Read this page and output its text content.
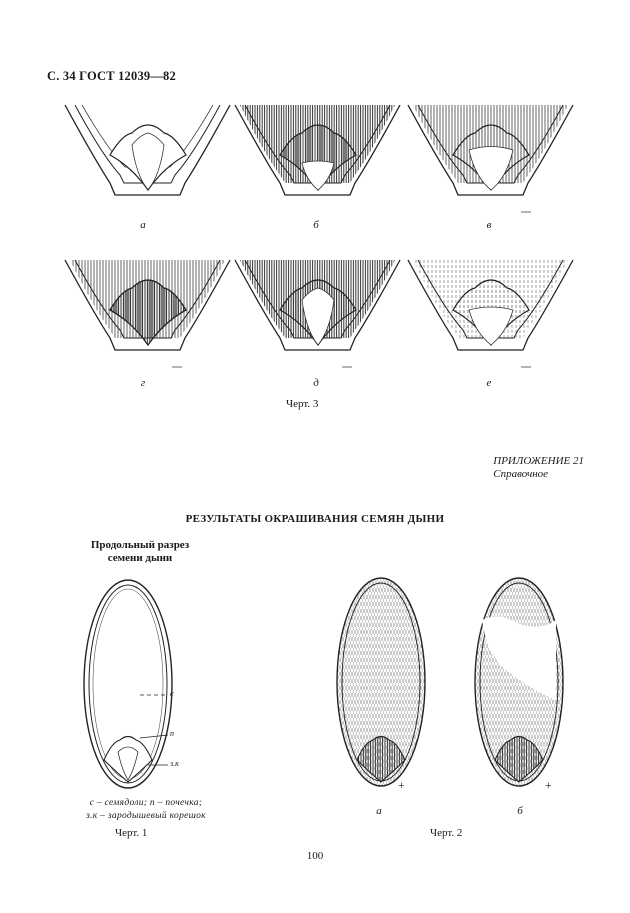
С. 34 ГОСТ 12039—82
а	б	в
г	д	е
Черт. 3
ПРИЛОЖЕНИЕ 21
Справочное
РЕЗУЛЬТАТЫ ОКРАШИВАНИЯ СЕМЯН ДЫНИ
Продольный разрез
семени дыни
с
п
з.к
с – семядоли; п – почечка;
з.к – зародышевый корешок
Черт. 1
+	+
а	б
Черт. 2
100
